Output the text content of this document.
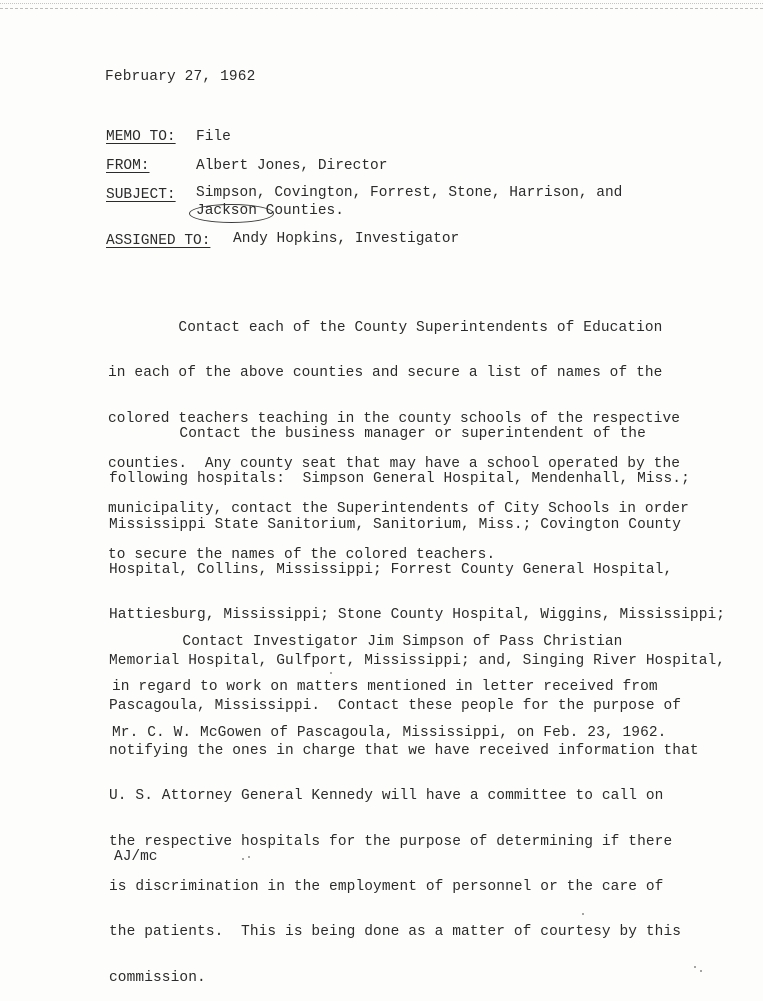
February 27, 1962
MEMO TO: File
FROM:	Albert Jones, Director
SUBJECT: Simpson, Covington, Forrest, Stone, Harrison, and
Jackson Counties.
ASSIGNED TO: Andy Hopkins, Investigator

Contact each of the County Superintendents of Education

in each of the above counties and secure a list of names of the

colored teachers teaching in the county schools of the respective

counties.  Any county seat that may have a school operated by the

municipality, contact the Superintendents of City Schools in order

to secure the names of the colored teachers.

Contact the business manager or superintendent of the

following hospitals:  Simpson General Hospital, Mendenhall, Miss.;

Mississippi State Sanitorium, Sanitorium, Miss.; Covington County

Hospital, Collins, Mississippi; Forrest County General Hospital,

Hattiesburg, Mississippi; Stone County Hospital, Wiggins, Mississippi;

Memorial Hospital, Gulfport, Mississippi; and, Singing River Hospital,

Pascagoula, Mississippi.  Contact these people for the purpose of

notifying the ones in charge that we have received information that

U. S. Attorney General Kennedy will have a committee to call on

the respective hospitals for the purpose of determining if there

is discrimination in the employment of personnel or the care of

the patients.  This is being done as a matter of courtesy by this

commission.

Contact Investigator Jim Simpson of Pass Christian

in regard to work on matters mentioned in letter received from

Mr. C. W. McGowen of Pascagoula, Mississippi, on Feb. 23, 1962.

AJ/mc
